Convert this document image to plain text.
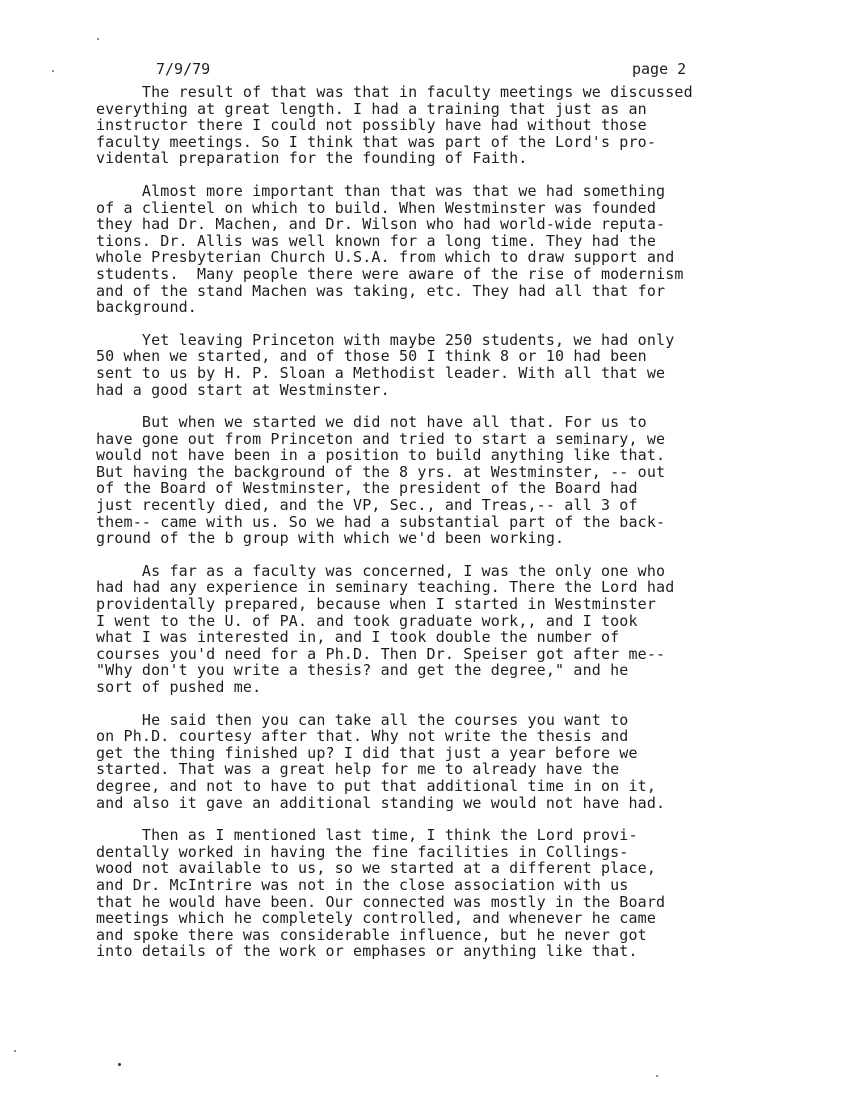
7/9/79	page 2
The result of that was that in faculty meetings we discussed
everything at great length. I had a training that just as an
instructor there I could not possibly have had without those
faculty meetings. So I think that was part of the Lord's pro-
vidental preparation for the founding of Faith.
Almost more important than that was that we had something
of a clientel on which to build. When Westminster was founded
they had Dr. Machen, and Dr. Wilson who had world-wide reputa-
tions. Dr. Allis was well known for a long time. They had the
whole Presbyterian Church U.S.A. from which to draw support and
students.  Many people there were aware of the rise of modernism
and of the stand Machen was taking, etc. They had all that for
background.
Yet leaving Princeton with maybe 250 students, we had only
50 when we started, and of those 50 I think 8 or 10 had been
sent to us by H. P. Sloan a Methodist leader. With all that we
had a good start at Westminster.
But when we started we did not have all that. For us to
have gone out from Princeton and tried to start a seminary, we
would not have been in a position to build anything like that.
But having the background of the 8 yrs. at Westminster, -- out
of the Board of Westminster, the president of the Board had
just recently died, and the VP, Sec., and Treas,-- all 3 of
them-- came with us. So we had a substantial part of the back-
ground of the b group with which we'd been working.
As far as a faculty was concerned, I was the only one who
had had any experience in seminary teaching. There the Lord had
providentally prepared, because when I started in Westminster
I went to the U. of PA. and took graduate work,, and I took
what I was interested in, and I took double the number of
courses you'd need for a Ph.D. Then Dr. Speiser got after me--
"Why don't you write a thesis? and get the degree," and he
sort of pushed me.
He said then you can take all the courses you want to
on Ph.D. courtesy after that. Why not write the thesis and
get the thing finished up? I did that just a year before we
started. That was a great help for me to already have the
degree, and not to have to put that additional time in on it,
and also it gave an additional standing we would not have had.
Then as I mentioned last time, I think the Lord provi-
dentally worked in having the fine facilities in Collings-
wood not available to us, so we started at a different place,
and Dr. McIntrire was not in the close association with us
that he would have been. Our connected was mostly in the Board
meetings which he completely controlled, and whenever he came
and spoke there was considerable influence, but he never got
into details of the work or emphases or anything like that.
